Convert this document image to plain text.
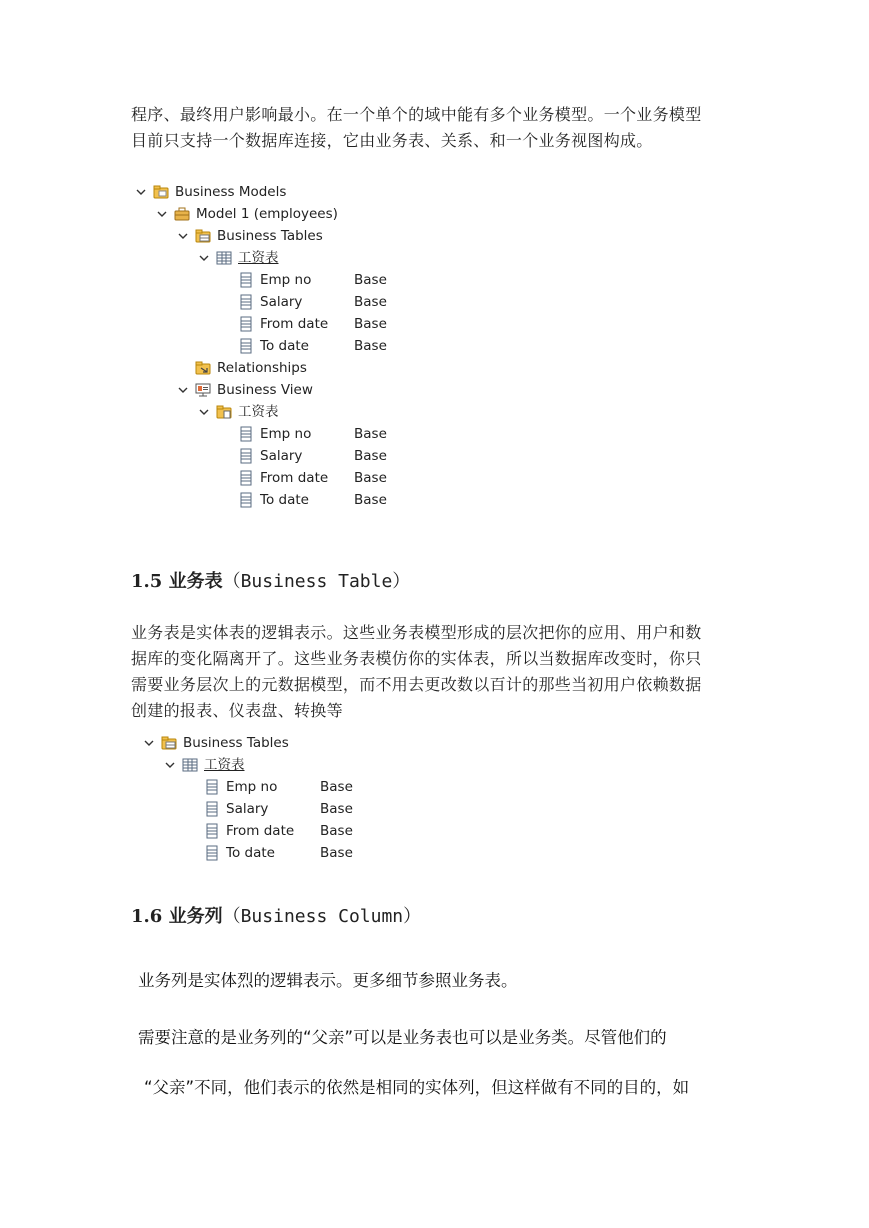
程序、最终用户影响最小。在一个单个的域中能有多个业务模型。一个业务模型
目前只支持一个数据库连接，它由业务表、关系、和一个业务视图构成。
Business Models
Model 1 (employees)
Business Tables
工资表
Emp no	Base
Salary	Base
From date Base
To date	Base
Relationships
Business View
工资表
Emp no	Base
Salary	Base
From date Base
To date	Base
1.5 业务表（Business Table）
业务表是实体表的逻辑表示。这些业务表模型形成的层次把你的应用、用户和数
据库的变化隔离开了。这些业务表模仿你的实体表，所以当数据库改变时，你只
需要业务层次上的元数据模型，而不用去更改数以百计的那些当初用户依赖数据
创建的报表、仪表盘、转换等
Business Tables
工资表
Emp no	Base
Salary	Base
From date Base
To date	Base
1.6 业务列（Business Column）
业务列是实体烈的逻辑表示。更多细节参照业务表。
需要注意的是业务列的“父亲”可以是业务表也可以是业务类。尽管他们的
“父亲”不同，他们表示的依然是相同的实体列，但这样做有不同的目的，如
